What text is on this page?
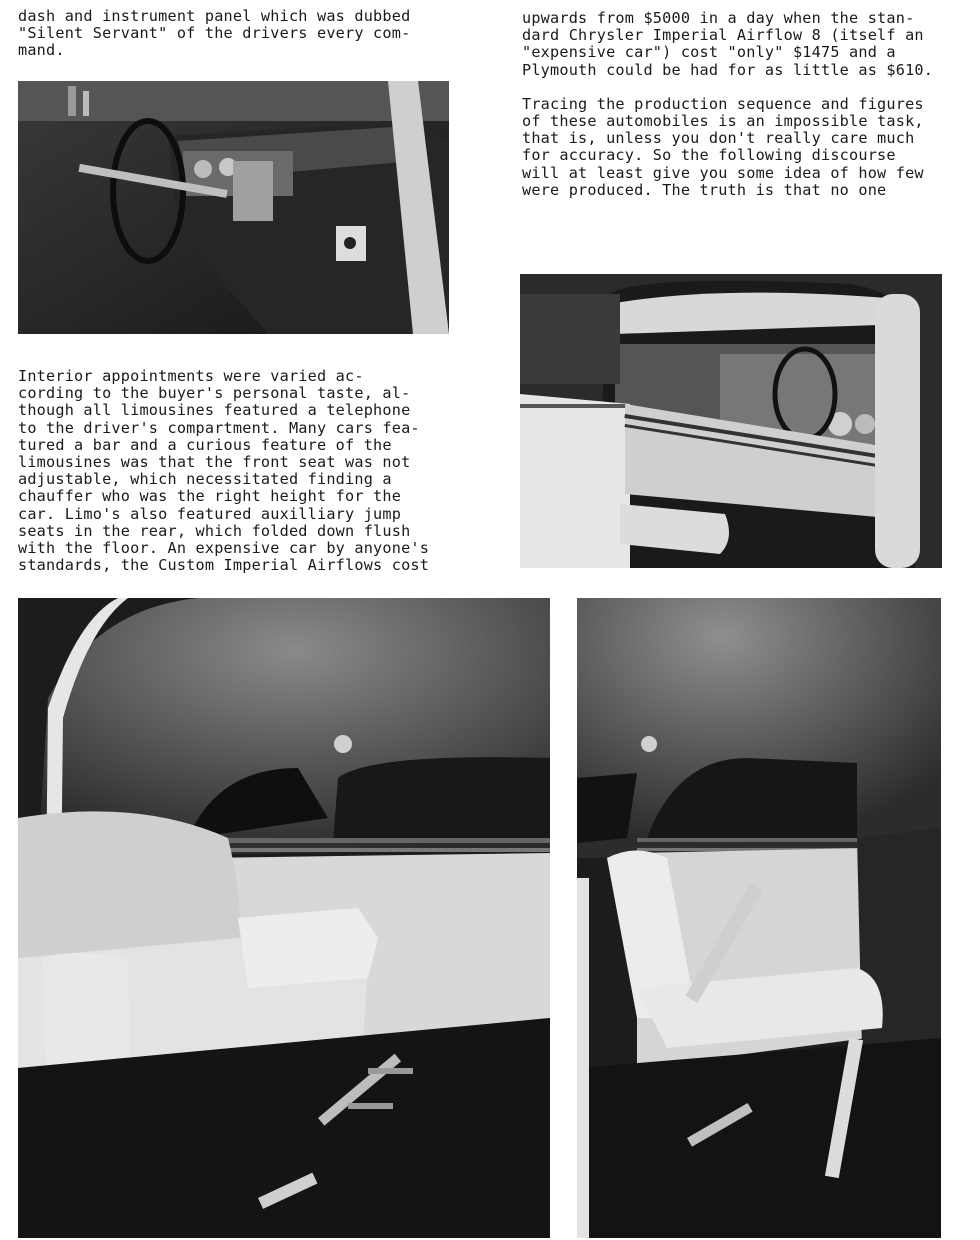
dash and instrument panel which was dubbed

"Silent Servant" of the drivers every com-

mand.

upwards from $5000 in a day when the stan-

dard Chrysler Imperial Airflow 8 (itself an

"expensive car") cost "only" $1475 and a

Plymouth could be had for as little as $610.

Tracing the production sequence and figures

of these automobiles is an impossible task,

that is, unless you don't really care much

for accuracy. So the following discourse

will at least give you some idea of how few

were produced. The truth is that no one

Interior appointments were varied ac-

cording to the buyer's personal taste, al-

though all limousines featured a telephone

to the driver's compartment. Many cars fea-

tured a bar and a curious feature of the

limousines was that the front seat was not

adjustable, which necessitated finding a

chauffer who was the right height for the

car. Limo's also featured auxilliary jump

seats in the rear, which folded down flush

with the floor. An expensive car by anyone's

standards, the Custom Imperial Airflows cost
